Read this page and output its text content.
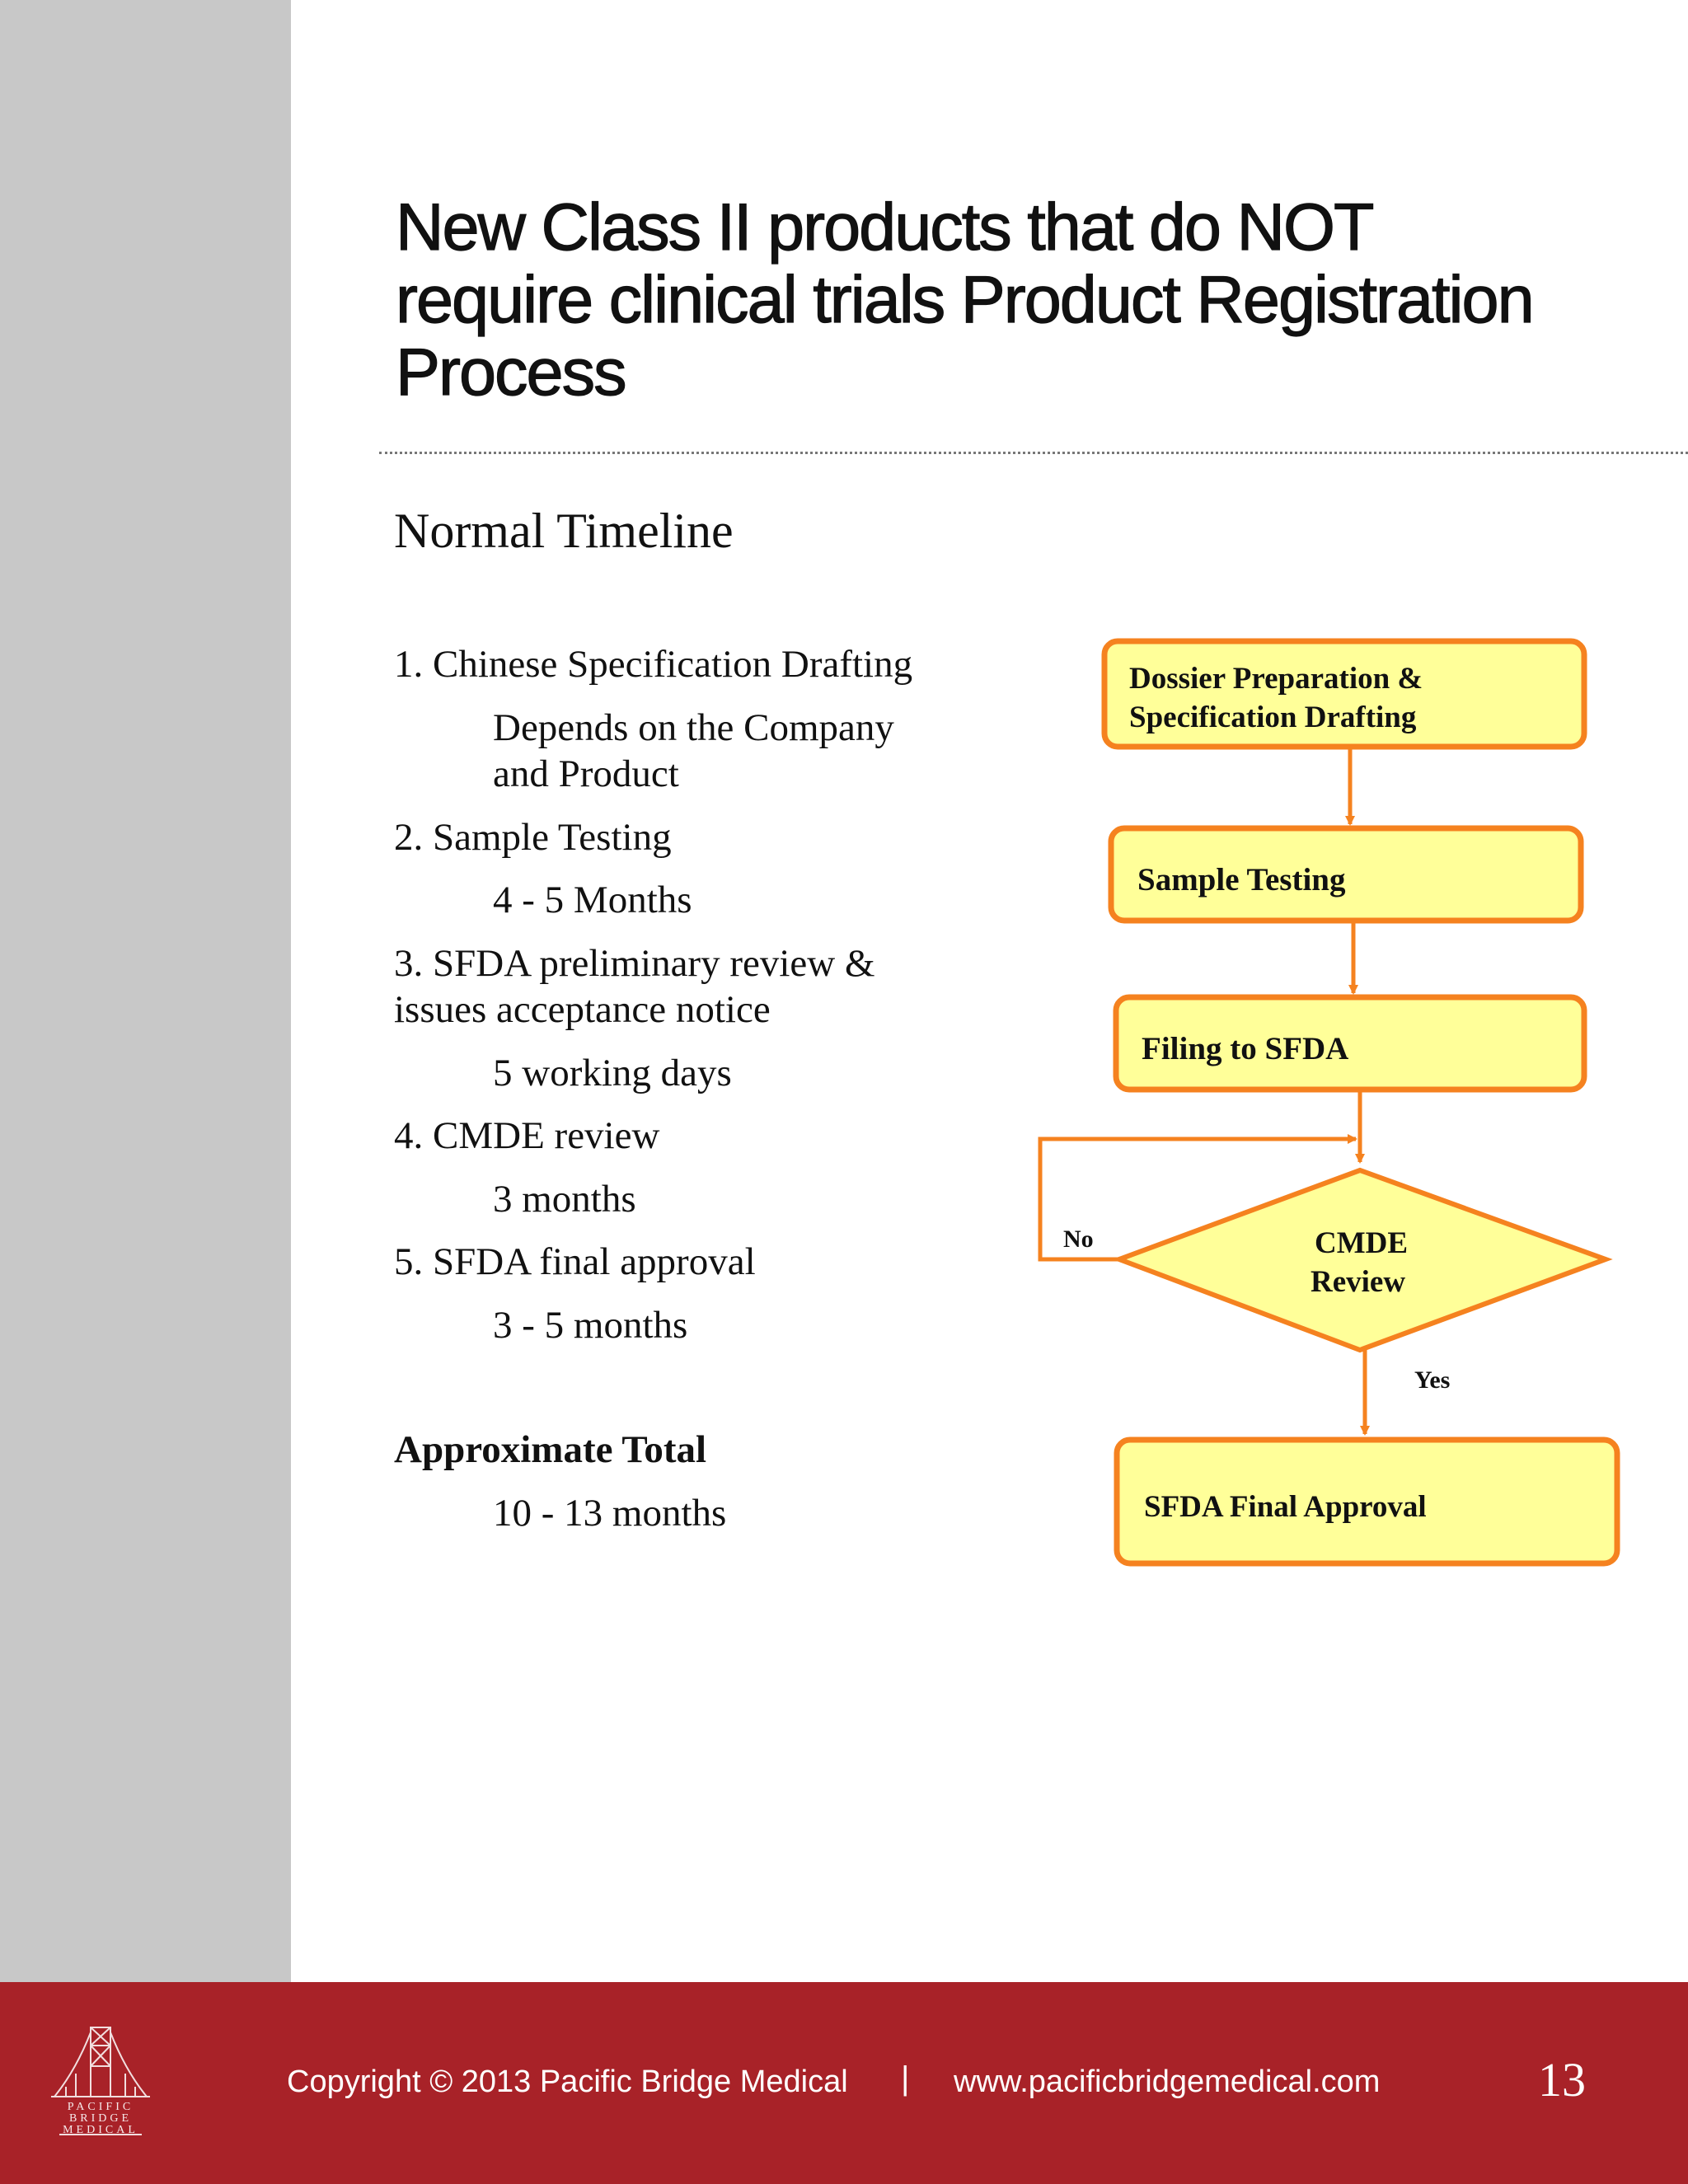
New Class II products that do NOT require clinical trials Product Registration Process
Normal Timeline

1. Chinese Specification Drafting

Depends on the Company

and Product

2. Sample Testing

4 - 5 Months

3. SFDA preliminary review &

issues acceptance notice

5 working days

4. CMDE review

3 months

5. SFDA final approval

3 - 5 months

Approximate Total

10 - 13 months

Dossier Preparation &
Specification Drafting
Sample Testing
Filing to SFDA
CMDE
Review
No
Yes
SFDA Final Approval
PACIFIC
BRIDGE
MEDICAL
Copyright © 2013 Pacific Bridge Medical | www.pacificbridgemedical.com	13
